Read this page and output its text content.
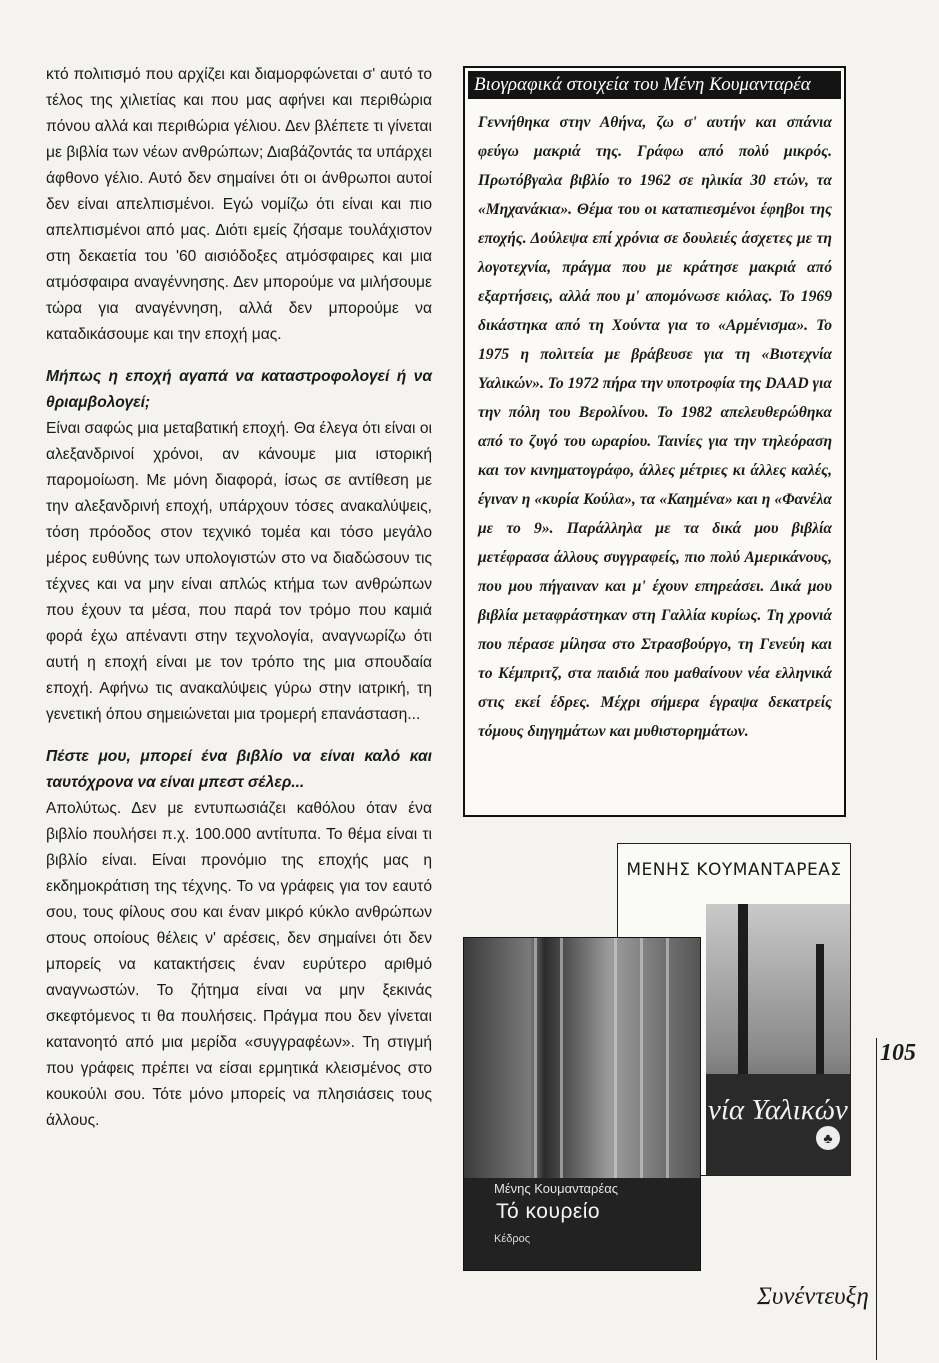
κτό πολιτισμό που αρχίζει και διαμορφώνεται σ' αυτό το τέλος της χιλιετίας και που μας αφήνει και περιθώρια πόνου αλλά και περιθώρια γέλιου. Δεν βλέπετε τι γίνεται με βιβλία των νέων ανθρώπων; Διαβάζοντάς τα υπάρχει άφθονο γέλιο. Αυτό δεν σημαίνει ότι οι άνθρωποι αυτοί δεν είναι απελπισμένοι. Εγώ νομίζω ότι είναι και πιο απελπισμένοι από μας. Διότι εμείς ζήσαμε τουλάχιστον στη δεκαετία του '60 αισιόδοξες ατμόσφαιρες και μια ατμόσφαιρα αναγέννησης. Δεν μπορούμε να μιλήσουμε τώρα για αναγέννηση, αλλά δεν μπορούμε να καταδικάσουμε και την εποχή μας.

Μήπως η εποχή αγαπά να καταστροφολογεί ή να θριαμβολογεί;

Είναι σαφώς μια μεταβατική εποχή. Θα έλεγα ότι είναι οι αλεξανδρινοί χρόνοι, αν κάνουμε μια ιστορική παρομοίωση. Με μόνη διαφορά, ίσως σε αντίθεση με την αλεξανδρινή εποχή, υπάρχουν τόσες ανακαλύψεις, τόση πρόοδος στον τεχνικό τομέα και τόσο μεγάλο μέρος ευθύνης των υπολογιστών στο να διαδώσουν τις τέχνες και να μην είναι απλώς κτήμα των ανθρώπων που έχουν τα μέσα, που παρά τον τρόμο που καμιά φορά έχω απέναντι στην τεχνολογία, αναγνωρίζω ότι αυτή η εποχή είναι με τον τρόπο της μια σπουδαία εποχή. Αφήνω τις ανακαλύψεις γύρω στην ιατρική, τη γενετική όπου σημειώνεται μια τρομερή επανάσταση...

Πέστε μου, μπορεί ένα βιβλίο να είναι καλό και ταυτόχρονα να είναι μπεστ σέλερ...

Απολύτως. Δεν με εντυπωσιάζει καθόλου όταν ένα βιβλίο πουλήσει π.χ. 100.000 αντίτυπα. Το θέμα είναι τι βιβλίο είναι. Είναι προνόμιο της εποχής μας η εκδημοκράτιση της τέχνης. Το να γράφεις για τον εαυτό σου, τους φίλους σου και έναν μικρό κύκλο ανθρώπων στους οποίους θέλεις ν' αρέσεις, δεν σημαίνει ότι δεν μπορείς να κατακτήσεις έναν ευρύτερο αριθμό αναγνωστών. Το ζήτημα είναι να μην ξεκινάς σκεφτόμενος τι θα πουλήσεις. Πράγμα που δεν γίνεται κατανοητό από μια μερίδα «συγγραφέων». Τη στιγμή που γράφεις πρέπει να είσαι ερμητικά κλεισμένος στο κουκούλι σου. Τότε μόνο μπορείς να πλησιάσεις τους άλλους.

Βιογραφικά στοιχεία του Μένη Κουμανταρέα
Γεννήθηκα στην Αθήνα, ζω σ' αυτήν και σπάνια φεύγω μακριά της. Γράφω από πολύ μικρός. Πρωτόβγαλα βιβλίο το 1962 σε ηλικία 30 ετών, τα «Μηχανάκια». Θέμα του οι καταπιεσμένοι έφηβοι της εποχής. Δούλεψα επί χρόνια σε δουλειές άσχετες με τη λογοτεχνία, πράγμα που με κράτησε μακριά από εξαρτήσεις, αλλά που μ' απομόνωσε κιόλας. Το 1969 δικάστηκα από τη Χούντα για το «Αρμένισμα». Το 1975 η πολιτεία με βράβευσε για τη «Βιοτεχνία Υαλικών». Το 1972 πήρα την υποτροφία της DAAD για την πόλη του Βερολίνου. Το 1982 απελευθερώθηκα από το ζυγό του ωραρίου. Ταινίες για την τηλεόραση και τον κινηματογράφο, άλλες μέτριες κι άλλες καλές, έγιναν η «κυρία Κούλα», τα «Καημένα» και η «Φανέλα με το 9». Παράλληλα με τα δικά μου βιβλία μετέφρασα άλλους συγγραφείς, πιο πολύ Αμερικάνους, που μου πήγαιναν και μ' έχουν επηρεάσει. Δικά μου βιβλία μεταφράστηκαν στη Γαλλία κυρίως. Τη χρονιά που πέρασε μίλησα στο Στρασβούργο, τη Γενεύη και το Κέμπριτζ, στα παιδιά που μαθαίνουν νέα ελληνικά στις εκεί έδρες. Μέχρι σήμερα έγραψα δεκατρείς τόμους διηγημάτων και μυθιστορημάτων.
ΜΕΝΗΣ ΚΟΥΜΑΝΤΑΡΕΑΣ
νία Υαλικών
♣
Μένης Κουμανταρέας
Τό κουρείο
Κέδρος
105
Συνέντευξη
